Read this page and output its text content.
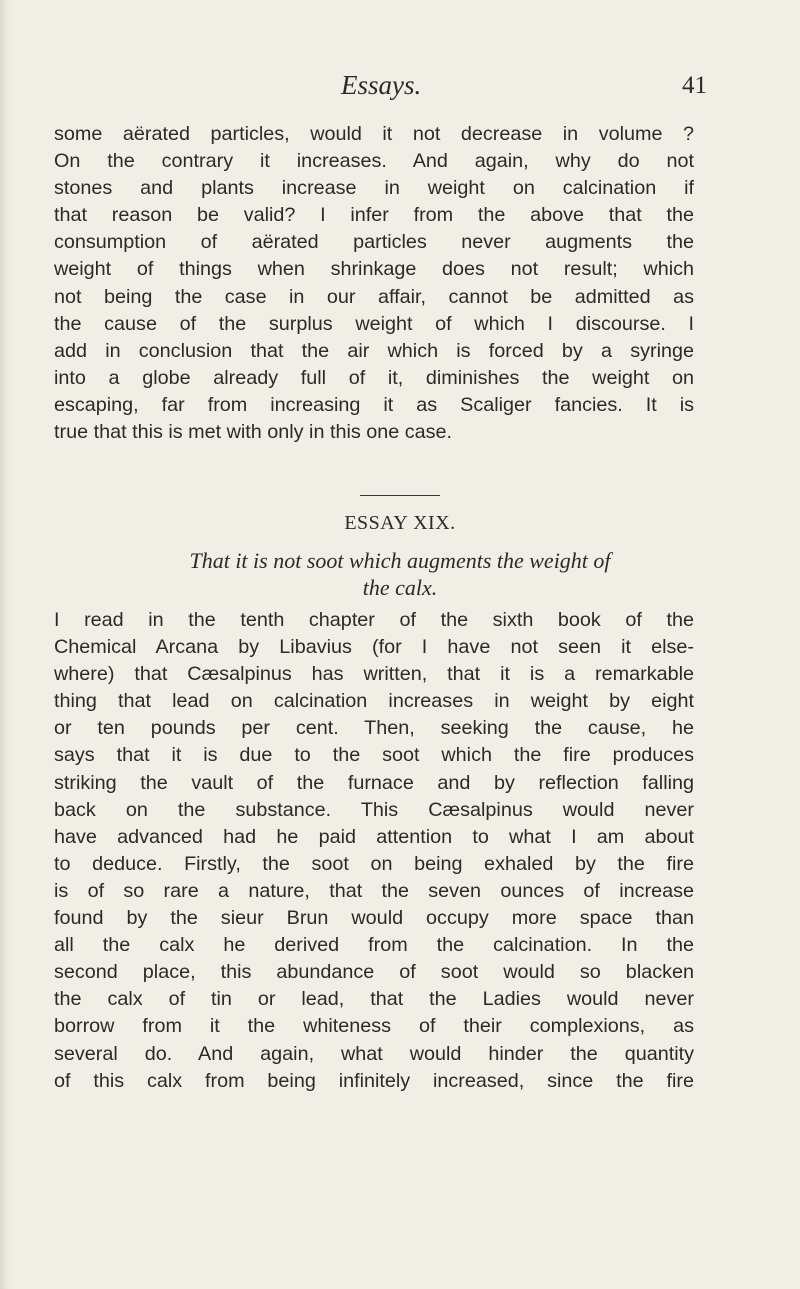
Essays.	41

some aërated particles, would it not decrease in volume ?
On the contrary it increases. And again, why do not
stones and plants increase in weight on calcination if
that reason be valid? I infer from the above that the
consumption of aërated particles never augments the
weight of things when shrinkage does not result; which
not being the case in our affair, cannot be admitted as
the cause of the surplus weight of which I discourse. I
add in conclusion that the air which is forced by a syringe
into a globe already full of it, diminishes the weight on
escaping, far from increasing it as Scaliger fancies. It is
true that this is met with only in this one case.

ESSAY XIX.
That it is not soot which augments the weight of
the calx.

I read in the tenth chapter of the sixth book of the
Chemical Arcana by Libavius (for I have not seen it else-
where) that Cæsalpinus has written, that it is a remarkable
thing that lead on calcination increases in weight by eight
or ten pounds per cent. Then, seeking the cause, he
says that it is due to the soot which the fire produces
striking the vault of the furnace and by reflection falling
back on the substance. This Cæsalpinus would never
have advanced had he paid attention to what I am about
to deduce. Firstly, the soot on being exhaled by the fire
is of so rare a nature, that the seven ounces of increase
found by the sieur Brun would occupy more space than
all the calx he derived from the calcination. In the
second place, this abundance of soot would so blacken
the calx of tin or lead, that the Ladies would never
borrow from it the whiteness of their complexions, as
several do. And again, what would hinder the quantity
of this calx from being infinitely increased, since the fire
